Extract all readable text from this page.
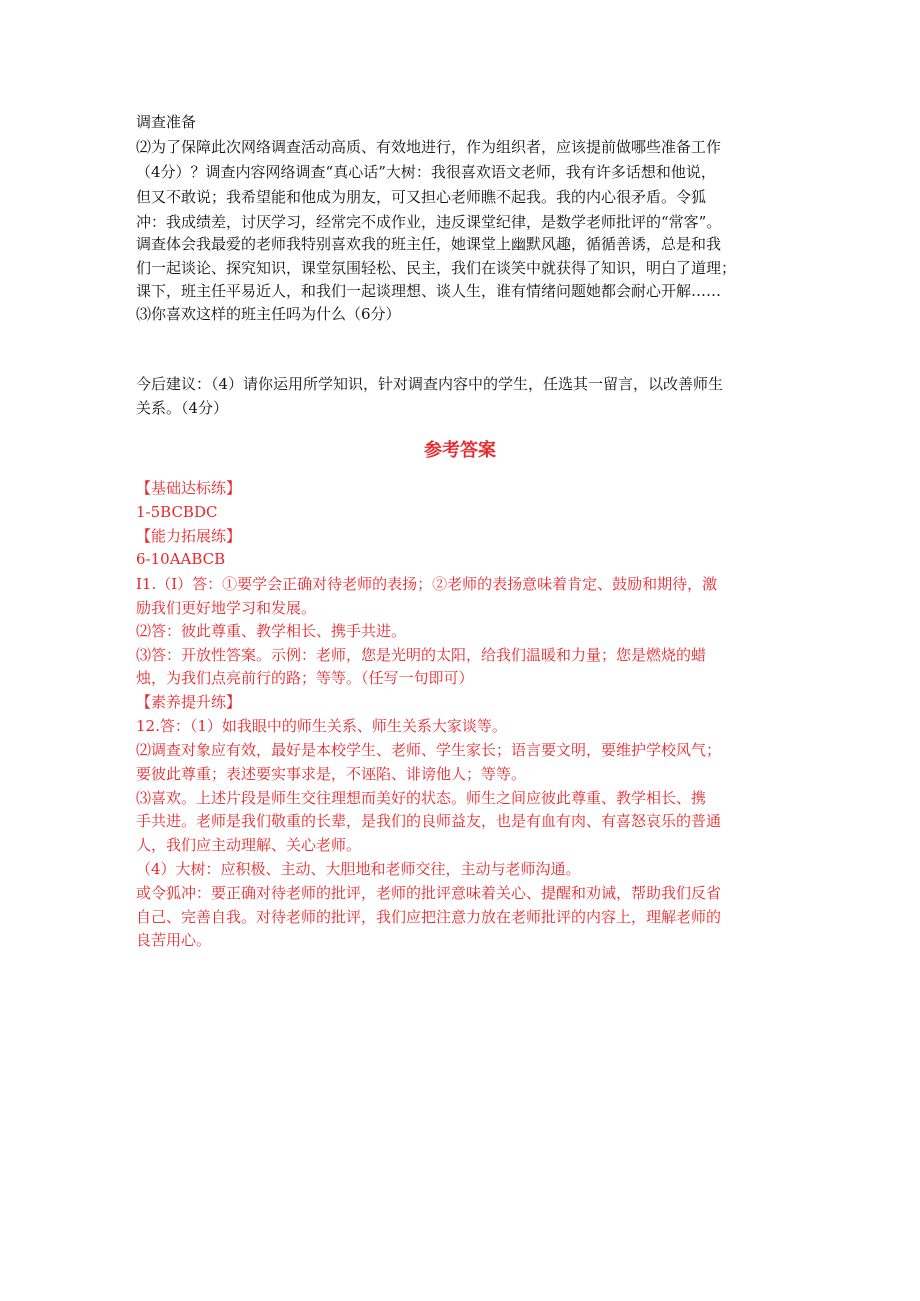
调查准备
⑵为了保障此次网络调查活动高质、有效地进行，作为组织者，应该提前做哪些准备工作
（4分）？调查内容网络调查“真心话”大树：我很喜欢语文老师，我有许多话想和他说，
但又不敢说；我希望能和他成为朋友，可又担心老师瞧不起我。我的内心很矛盾。令狐
冲：我成绩差，讨厌学习，经常完不成作业，违反课堂纪律，是数学老师批评的“常客”。
调查体会我最爱的老师我特别喜欢我的班主任，她课堂上幽默风趣，循循善诱，总是和我
们一起谈论、探究知识，课堂氛围轻松、民主，我们在谈笑中就获得了知识，明白了道理；
课下，班主任平易近人，和我们一起谈理想、谈人生，谁有情绪问题她都会耐心开解……
⑶你喜欢这样的班主任吗为什么（6分）
今后建议：（4）请你运用所学知识，针对调查内容中的学生，任选其一留言，以改善师生
关系。（4分）
参考答案
【基础达标练】
1-5BCBDC
【能力拓展练】
6-10AABCB
I1.（I）答：①要学会正确对待老师的表扬；②老师的表扬意味着肯定、鼓励和期待，激
励我们更好地学习和发展。
⑵答：彼此尊重、教学相长、携手共进。
⑶答：开放性答案。示例：老师，您是光明的太阳，给我们温暖和力量；您是燃烧的蜡
烛，为我们点亮前行的路；等等。（任写一句即可）
【素养提升练】
12.答：（1）如我眼中的师生关系、师生关系大家谈等。
⑵调查对象应有效，最好是本校学生、老师、学生家长；语言要文明，要维护学校风气；
要彼此尊重；表述要实事求是，不诬陷、诽谤他人；等等。
⑶喜欢。上述片段是师生交往理想而美好的状态。师生之间应彼此尊重、教学相长、携
手共进。老师是我们敬重的长辈，是我们的良师益友，也是有血有肉、有喜怒哀乐的普通
人，我们应主动理解、关心老师。
（4）大树：应积极、主动、大胆地和老师交往，主动与老师沟通。
或令狐冲：要正确对待老师的批评，老师的批评意味着关心、提醒和劝诫，帮助我们反省
自己、完善自我。对待老师的批评，我们应把注意力放在老师批评的内容上，理解老师的
良苦用心。
